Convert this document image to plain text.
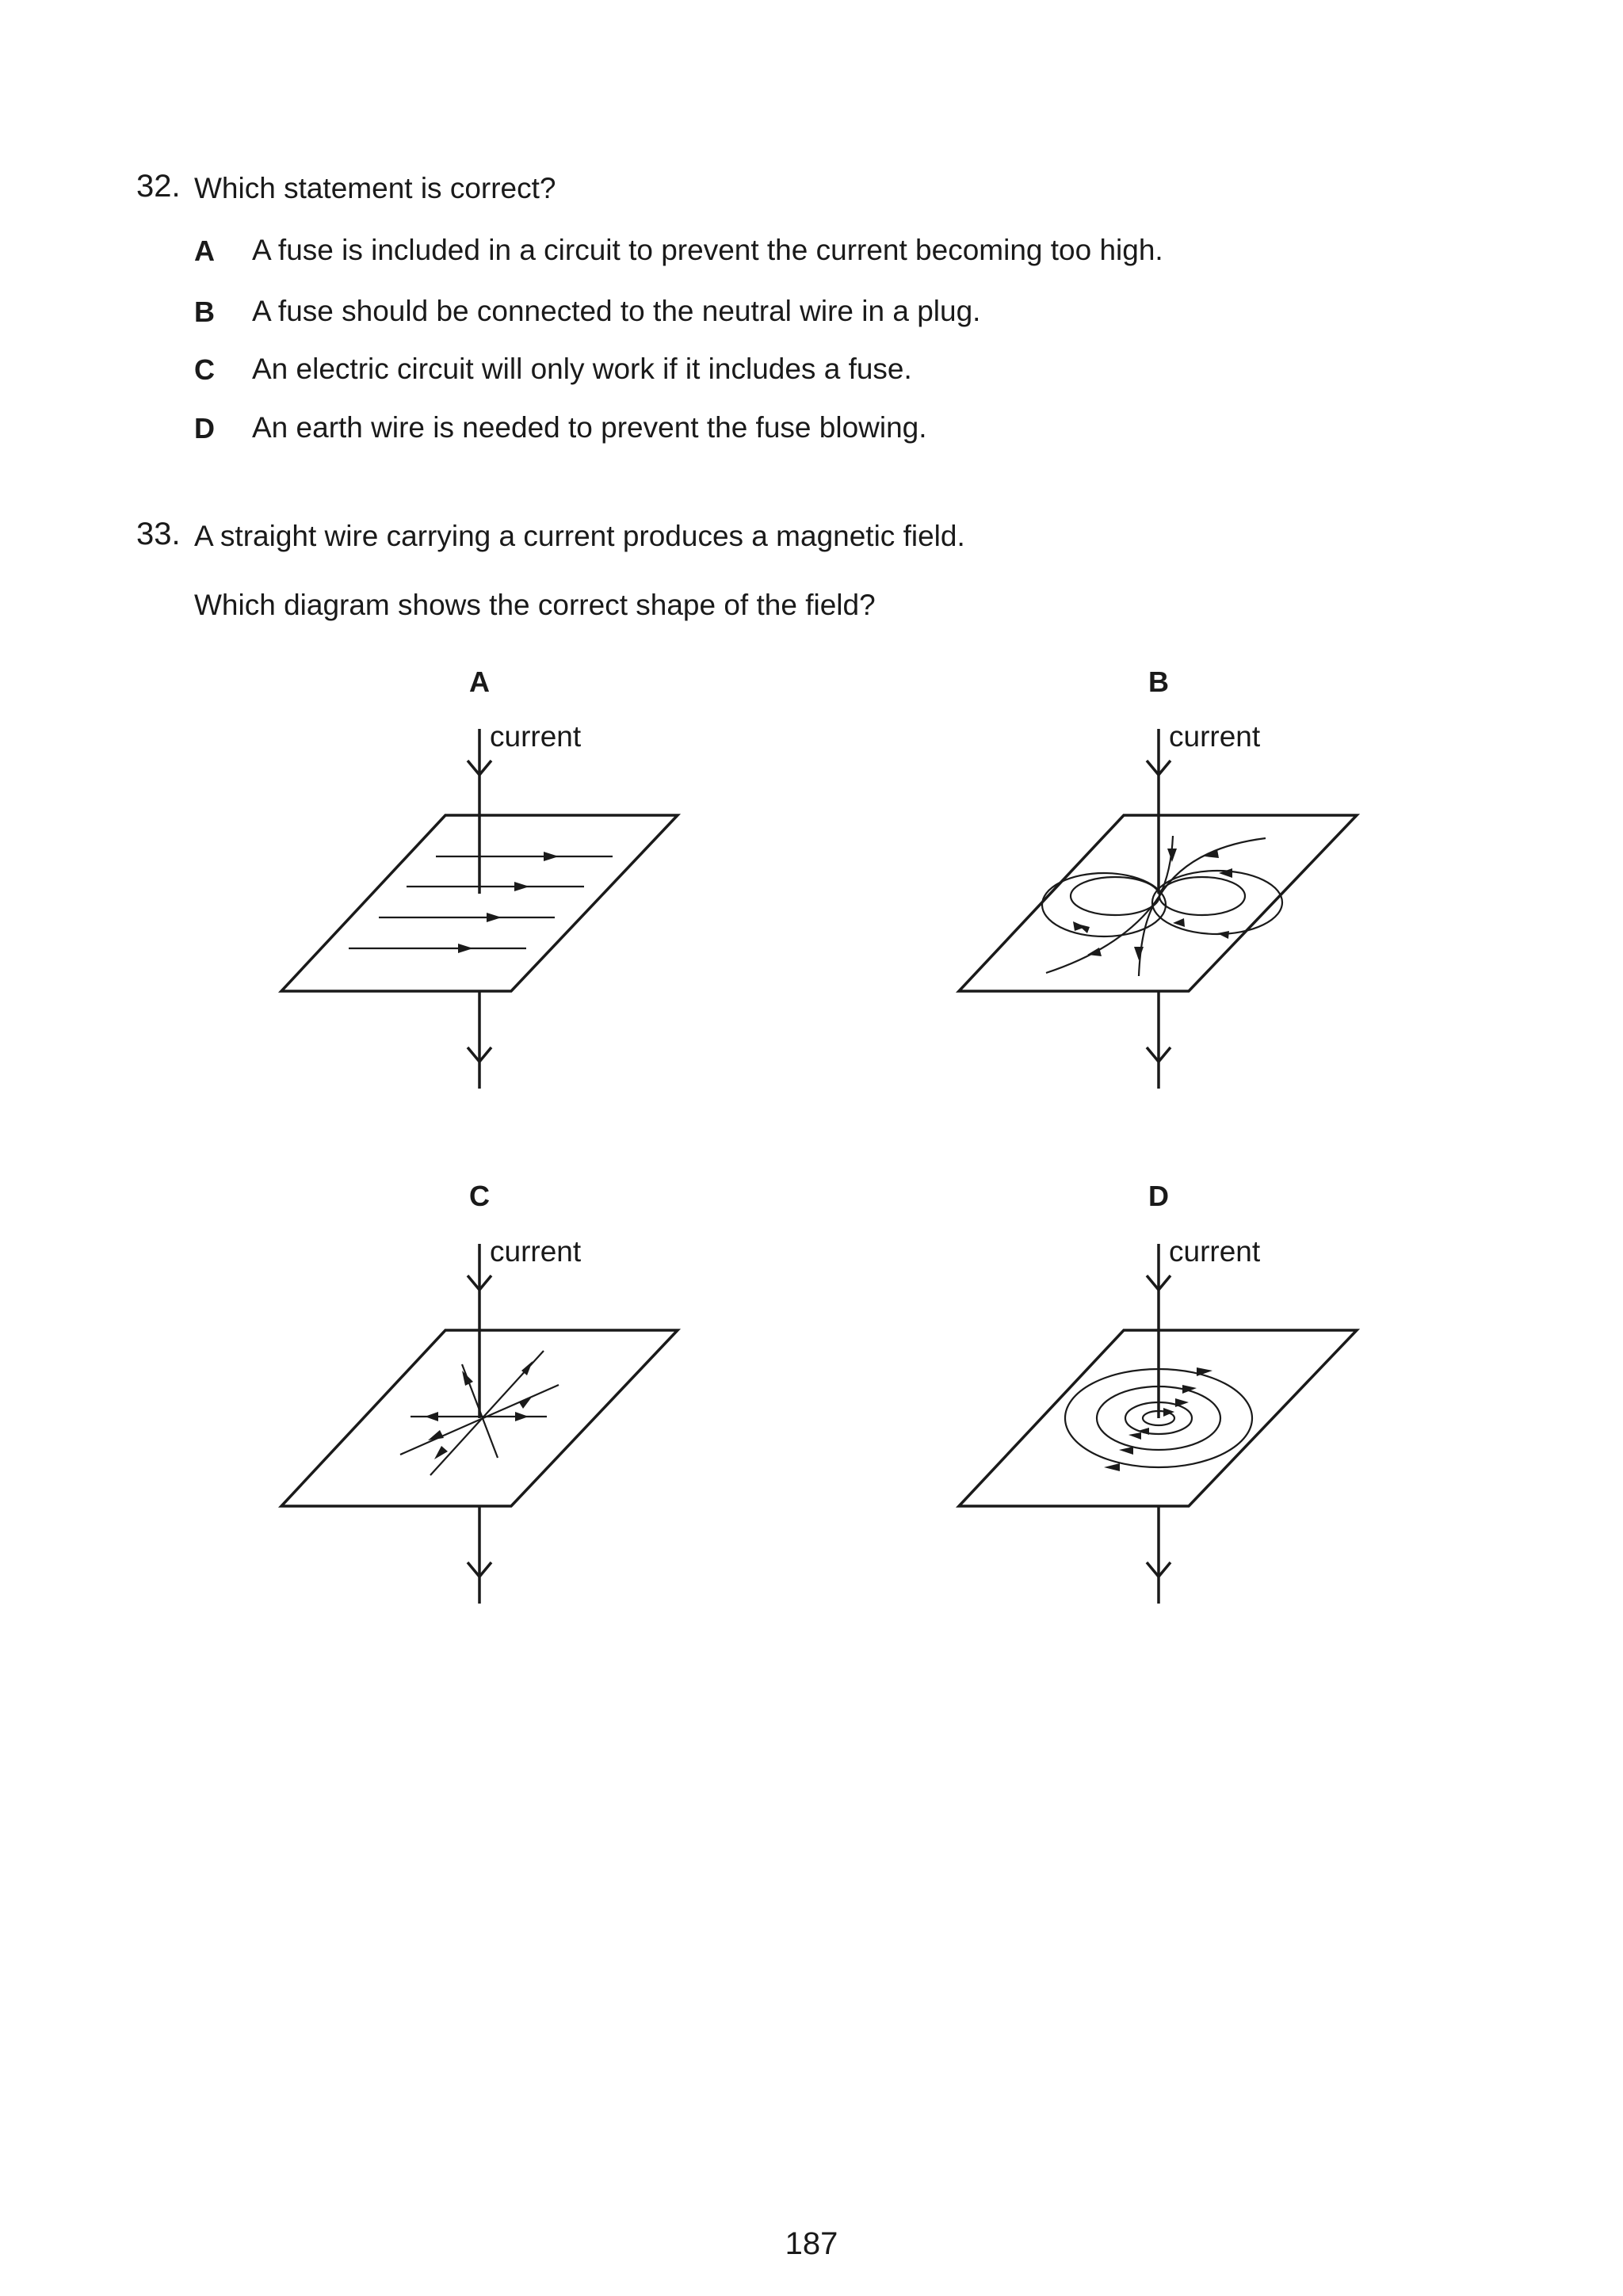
32. Which statement is correct?
A A fuse is included in a circuit to prevent the current becoming too high.
B A fuse should be connected to the neutral wire in a plug.
C An electric circuit will only work if it includes a fuse.
D An earth wire is needed to prevent the fuse blowing.
33. A straight wire carrying a current produces a magnetic field.
Which diagram shows the correct shape of the field?
A
current
B
current
C
current
D
current
187
